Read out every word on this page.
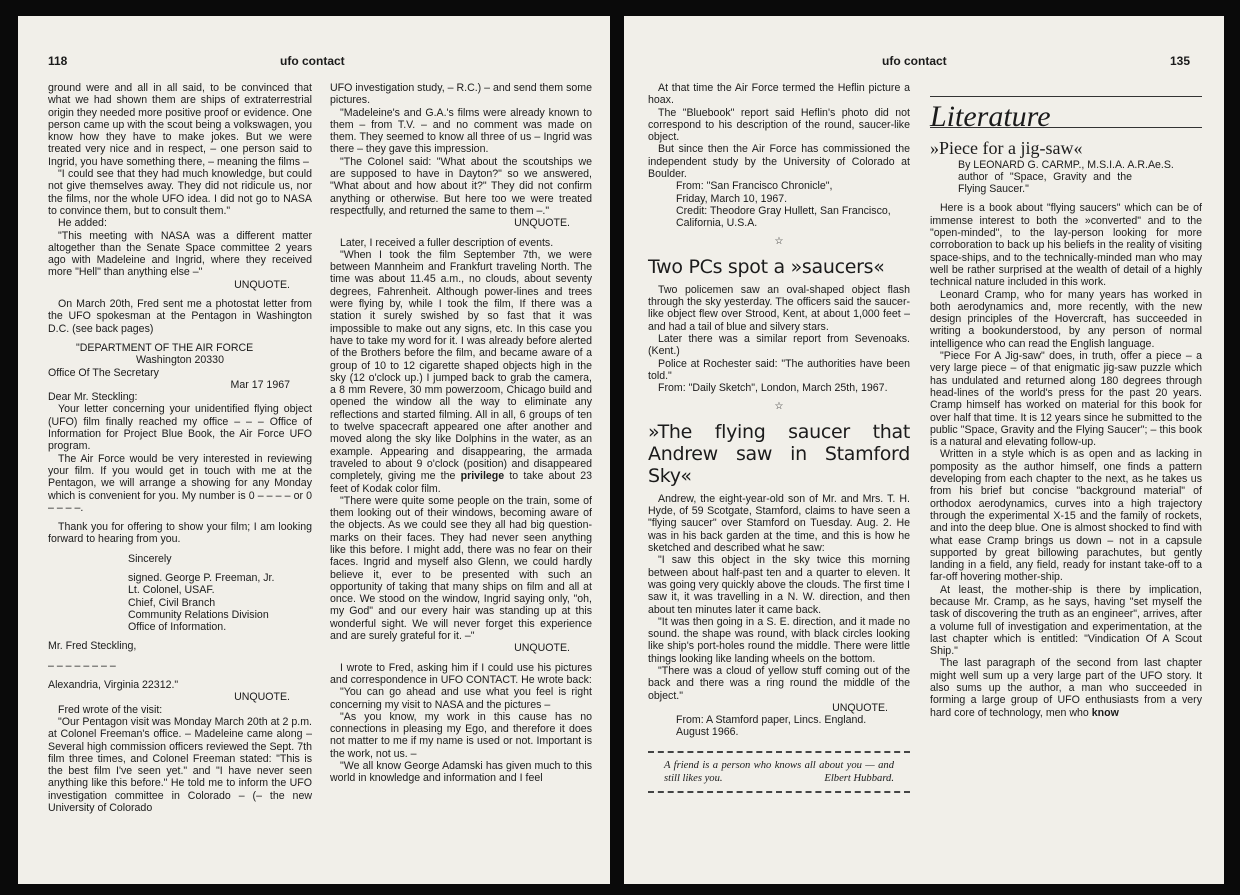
118	ufo contact

ground were and all in all said, to be convinced that what we had shown them are ships of extraterrestrial origin they needed more positive proof or evidence. One person came up with the scout being a volkswagen, you know how they have to make jokes. But we were treated very nice and in respect, – one person said to Ingrid, you have something there, – meaning the films –

"I could see that they had much knowledge, but could not give themselves away. They did not ridicule us, nor the films, nor the whole UFO idea. I did not go to NASA to convince them, but to consult them."

He added:

"This meeting with NASA was a different matter altogether than the Senate Space committee 2 years ago with Madeleine and Ingrid, where they received more "Hell" than anything else –"

UNQUOTE.

On March 20th, Fred sent me a photostat letter from the UFO spokesman at the Pentagon in Washington D.C. (see back pages)

"DEPARTMENT OF THE AIR FORCE

Washington 20330

Office Of The Secretary

Mar 17 1967

Dear Mr. Steckling:

Your letter concerning your unidentified flying object (UFO) film finally reached my office – – – Office of Information for Project Blue Book, the Air Force UFO program.

The Air Force would be very interested in reviewing your film. If you would get in touch with me at the Pentagon, we will arrange a showing for any Monday which is convenient for you. My number is 0 – – – – or 0 – – – –.

Thank you for offering to show your film; I am looking forward to hearing from you.

Sincerely

signed. George P. Freeman, Jr.

Lt. Colonel, USAF.

Chief, Civil Branch

Community Relations Division

Office of Information.

Mr. Fred Steckling,

– – – – – – – –

Alexandria, Virginia 22312."

UNQUOTE.

Fred wrote of the visit:

"Our Pentagon visit was Monday March 20th at 2 p.m. at Colonel Freeman's office. – Madeleine came along – Several high commission officers reviewed the Sept. 7th film three times, and Colonel Freeman stated: "This is the best film I've seen yet." and "I have never seen anything like this before." He told me to inform the UFO investigation committee in Colorado – (– the new University of Colorado

UFO investigation study, – R.C.) – and send them some pictures.

"Madeleine's and G.A.'s films were already known to them – from T.V. – and no comment was made on them. They seemed to know all three of us – Ingrid was there – they gave this impression.

"The Colonel said: "What about the scoutships we are supposed to have in Dayton?" so we answered, "What about and how about it?" They did not confirm anything or otherwise. But here too we were treated respectfully, and returned the same to them –."

UNQUOTE.

Later, I received a fuller description of events.

"When I took the film September 7th, we were between Mannheim and Frankfurt traveling North. The time was about 11.45 a.m., no clouds, about seventy degrees, Fahrenheit. Although power-lines and trees were flying by, while I took the film, If there was a station it surely swished by so fast that it was impossible to make out any signs, etc. In this case you have to take my word for it. I was already before alerted of the Brothers before the film, and became aware of a group of 10 to 12 cigarette shaped objects high in the sky (12 o'clock up.) I jumped back to grab the camera, a 8 mm Revere, 30 mm powerzoom, Chicago build and opened the window all the way to eliminate any reflections and started filming. All in all, 6 groups of ten to twelve spacecraft appeared one after another and moved along the sky like Dolphins in the water, as an example. Appearing and disappearing, the armada traveled to about 9 o'clock (position) and disappeared completely, giving me the privilege to take about 23 feet of Kodak color film.

"There were quite some people on the train, some of them looking out of their windows, becoming aware of the objects. As we could see they all had big question-marks on their faces. They had never seen anything like this before. I might add, there was no fear on their faces. Ingrid and myself also Glenn, we could hardly believe it, ever to be presented with such an opportunity of taking that many ships on film and all at once. We stood on the window, Ingrid saying only, "oh, my God" and our every hair was standing up at this wonderful sight. We will never forget this experience and are surely grateful for it. –"

UNQUOTE.

I wrote to Fred, asking him if I could use his pictures and correspondence in UFO CONTACT. He wrote back:

"You can go ahead and use what you feel is right concerning my visit to NASA and the pictures –

"As you know, my work in this cause has no connections in pleasing my Ego, and therefore it does not matter to me if my name is used or not. Important is the work, not us. –

"We all know George Adamski has given much to this world in knowledge and information and I feel

ufo contact	135

At that time the Air Force termed the Heflin picture a hoax.

The "Bluebook" report said Heflin's photo did not correspond to his description of the round, saucer-like object.

But since then the Air Force has commissioned the independent study by the University of Colorado at Boulder.

From: "San Francisco Chronicle",

Friday, March 10, 1967.

Credit: Theodore Gray Hullett, San Francisco,

California, U.S.A.

☆
Two PCs spot a »saucers«

Two policemen saw an oval-shaped object flash through the sky yesterday. The officers said the saucer-like object flew over Strood, Kent, at about 1,000 feet – and had a tail of blue and silvery stars.

Later there was a similar report from Sevenoaks. (Kent.)

Police at Rochester said: "The authorities have been told."

From: "Daily Sketch", London, March 25th, 1967.

☆
»The flying saucer that Andrew saw in Stamford Sky«

Andrew, the eight-year-old son of Mr. and Mrs. T. H. Hyde, of 59 Scotgate, Stamford, claims to have seen a "flying saucer" over Stamford on Tuesday. Aug. 2. He was in his back garden at the time, and this is how he sketched and described what he saw:

"I saw this object in the sky twice this morning between about half-past ten and a quarter to eleven. It was going very quickly above the clouds. The first time I saw it, it was travelling in a N. W. direction, and then about ten minutes later it came back.

"It was then going in a S. E. direction, and it made no sound. the shape was round, with black circles looking like ship's port-holes round the middle. There were little things looking like landing wheels on the bottom.

"There was a cloud of yellow stuff coming out of the back and there was a ring round the middle of the object."

UNQUOTE.

From: A Stamford paper, Lincs. England.

August 1966.

A friend is a person who knows all about you — and still likes you.	Elbert Hubbard.
Literature
»Piece for a jig-saw«

By LEONARD G. CARMP., M.S.I.A. A.R.Ae.S.

author of "Space, Gravity and the Flying Saucer."

Here is a book about "flying saucers" which can be of immense interest to both the »converted" and to the "open-minded", to the lay-person looking for more corroboration to back up his beliefs in the reality of visiting space-ships, and to the technically-minded man who may well be rather surprised at the wealth of detail of a highly technical nature included in this work.

Leonard Cramp, who for many years has worked in both aerodynamics and, more recently, with the new design principles of the Hovercraft, has succeeded in writing a bookunderstood, by any person of normal intelligence who can read the English language.

"Piece For A Jig-saw" does, in truth, offer a piece – a very large piece – of that enigmatic jig-saw puzzle which has undulated and returned along 180 degrees through head-lines of the world's press for the past 20 years. Cramp himself has worked on material for this book for over half that time. It is 12 years since he submitted to the public "Space, Gravity and the Flying Saucer"; – this book is a natural and elevating follow-up.

Written in a style which is as open and as lacking in pomposity as the author himself, one finds a pattern developing from each chapter to the next, as he takes us from his brief but concise "background material" of orthodox aerodynamics, curves into a high trajectory through the experimental X-15 and the family of rockets, and into the deep blue. One is almost shocked to find with what ease Cramp brings us down – not in a capsule supported by great billowing parachutes, but gently landing in a field, any field, ready for instant take-off to a far-off hovering mother-ship.

At least, the mother-ship is there by implication, because Mr. Cramp, as he says, having "set myself the task of discovering the truth as an engineer", arrives, after a volume full of investigation and experimentation, at the last chapter which is entitled: "Vindication Of A Scout Ship."

The last paragraph of the second from last chapter might well sum up a very large part of the UFO story. It also sums up the author, a man who succeeded in forming a large group of UFO enthusiasts from a very hard core of technology, men who know
